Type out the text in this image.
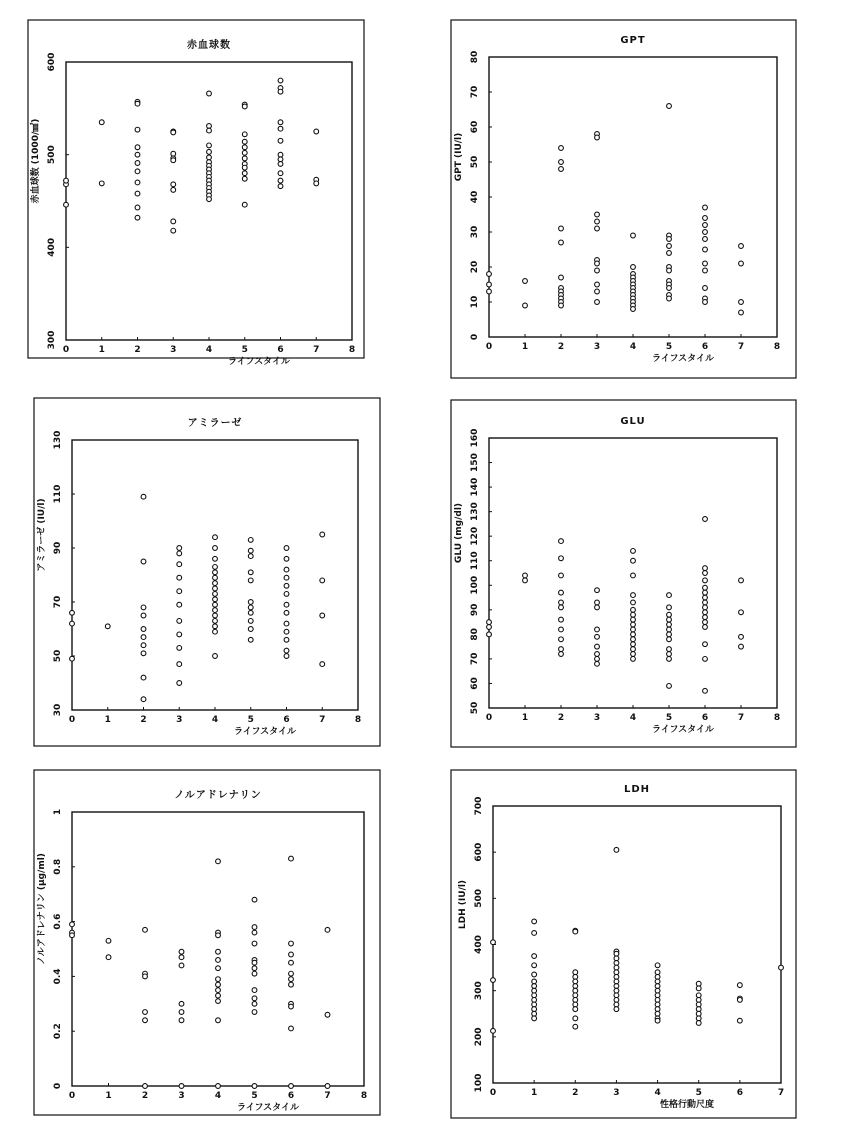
赤血球数
0	1	2	3	4	5	6	7	8
ライフスタイル
300
400
500
600
赤血球数 (1000/㎣)
GPT
0	1	2	3	4	5	6	7	8
ライフスタイル
0
10
20
30
40
50
60
70
80
GPT (IU/l)
アミラーゼ
0	1	2	3	4	5	6	7	8
ライフスタイル
30
50
70
90
110
130
アミラーゼ (IU/l)
GLU
0	1	2	3	4	5	6	7	8
ライフスタイル
50
60
70
80
90
100
110
120
130
140
150
160
GLU (mg/dl)
ノルアドレナリン
0	1	2	3	4	5	6	7	8
ライフスタイル
0
0.2
0.4
0.6
0.8
1
ノルアドレナリン (μg/ml)
LDH
0	1	2	3	4	5	6	7
性格行動尺度
100
200
300
400
500
600
700
LDH (IU/l)
